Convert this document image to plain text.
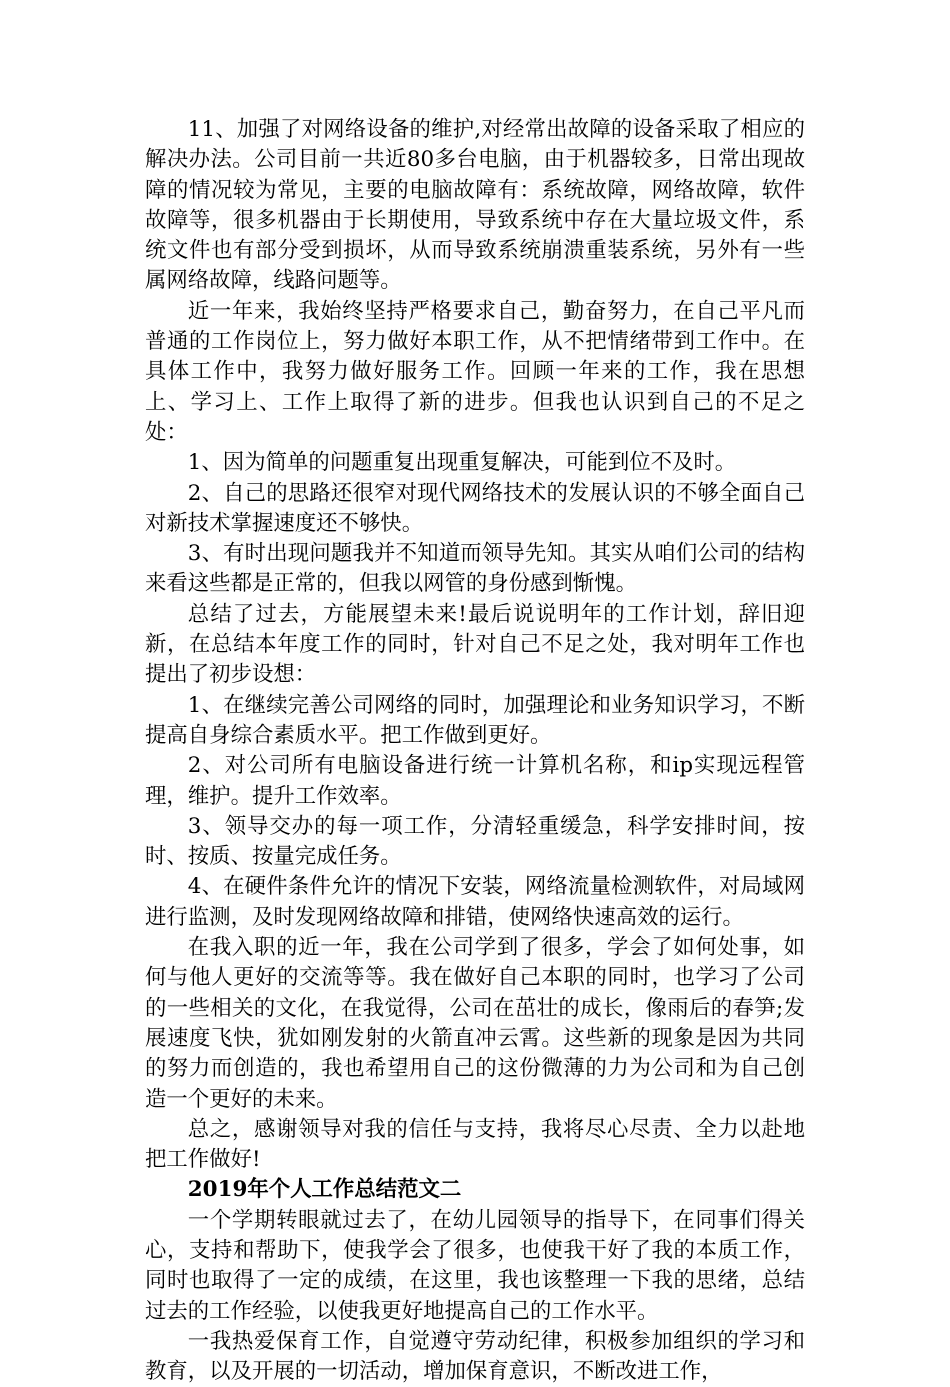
11、加强了对网络设备的维护,对经常出故障的设备采取了相应的解决办法。公司目前一共近80多台电脑，由于机器较多，日常出现故障的情况较为常见，主要的电脑故障有：系统故障，网络故障，软件故障等，很多机器由于长期使用，导致系统中存在大量垃圾文件，系统文件也有部分受到损坏，从而导致系统崩溃重装系统，另外有一些属网络故障，线路问题等。

近一年来，我始终坚持严格要求自己，勤奋努力，在自己平凡而普通的工作岗位上，努力做好本职工作，从不把情绪带到工作中。在具体工作中，我努力做好服务工作。回顾一年来的工作，我在思想上、学习上、工作上取得了新的进步。但我也认识到自己的不足之处：

1、因为简单的问题重复出现重复解决，可能到位不及时。

2、自己的思路还很窄对现代网络技术的发展认识的不够全面自己对新技术掌握速度还不够快。

3、有时出现问题我并不知道而领导先知。其实从咱们公司的结构来看这些都是正常的，但我以网管的身份感到惭愧。

总结了过去，方能展望未来!最后说说明年的工作计划，辞旧迎新，在总结本年度工作的同时，针对自己不足之处，我对明年工作也提出了初步设想：

1、在继续完善公司网络的同时，加强理论和业务知识学习，不断提高自身综合素质水平。把工作做到更好。

2、对公司所有电脑设备进行统一计算机名称，和ip实现远程管理，维护。提升工作效率。

3、领导交办的每一项工作，分清轻重缓急，科学安排时间，按时、按质、按量完成任务。

4、在硬件条件允许的情况下安装，网络流量检测软件，对局域网进行监测，及时发现网络故障和排错，使网络快速高效的运行。

在我入职的近一年，我在公司学到了很多，学会了如何处事，如何与他人更好的交流等等。我在做好自己本职的同时，也学习了公司的一些相关的文化，在我觉得，公司在茁壮的成长，像雨后的春笋;发展速度飞快，犹如刚发射的火箭直冲云霄。这些新的现象是因为共同的努力而创造的，我也希望用自己的这份微薄的力为公司和为自己创造一个更好的未来。

总之，感谢领导对我的信任与支持，我将尽心尽责、全力以赴地把工作做好!

2019年个人工作总结范文二

一个学期转眼就过去了，在幼儿园领导的指导下，在同事们得关心，支持和帮助下，使我学会了很多，也使我干好了我的本质工作，同时也取得了一定的成绩，在这里，我也该整理一下我的思绪，总结过去的工作经验，以使我更好地提高自己的工作水平。

一我热爱保育工作，自觉遵守劳动纪律，积极参加组织的学习和教育，以及开展的一切活动，增加保育意识，不断改进工作，
